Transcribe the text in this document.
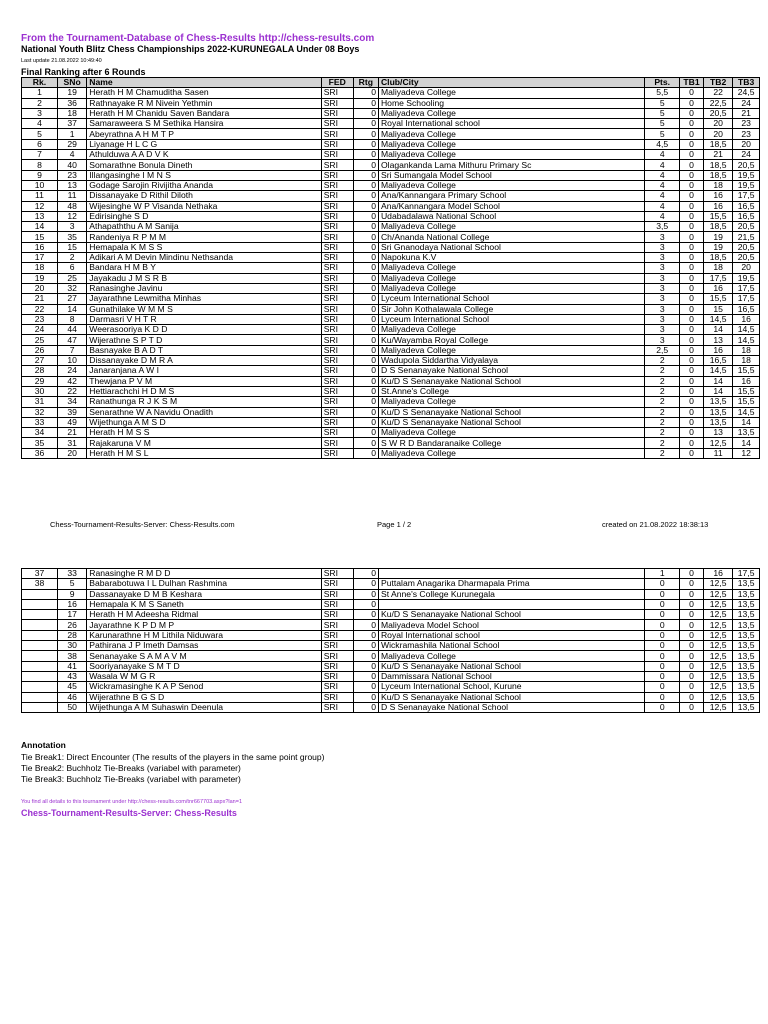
From the Tournament-Database of Chess-Results http://chess-results.com
National Youth Blitz Chess Championships 2022-KURUNEGALA Under 08 Boys
Last update 21.08.2022 10:49:40
Final Ranking after 6 Rounds
Rk.	SNo	Name	FED	Rtg	Club/City	Pts.	TB1	TB2	TB3
1	19	Herath H M Chamuditha Sasen	SRI	0	Maliyadeva College	5,5	0	22	24,5
2	36	Rathnayake R M Nivein Yethmin	SRI	0	Home Schooling	5	0	22,5	24
3	18	Herath H M Chanidu Saven Bandara	SRI	0	Maliyadeva College	5	0	20,5	21
4	37	Samaraweera S M Sethika Hansira	SRI	0	Royal International school	5	0	20	23
5	1	Abeyrathna A H M T P	SRI	0	Maliyadeva College	5	0	20	23
6	29	Liyanage H L C G	SRI	0	Maliyadeva College	4,5	0	18,5	20
7	4	Athulduwa A A D V K	SRI	0	Maliyadeva College	4	0	21	24
8	40	Somarathne Bonula Dineth	SRI	0	Olagankanda Lama Mithuru Primary Sc	4	0	18,5	20,5
9	23	Illangasinghe I M N S	SRI	0	Sri Sumangala Model School	4	0	18,5	19,5
10	13	Godage Sarojin Rivijitha Ananda	SRI	0	Maliyadeva College	4	0	18	19,5
11	11	Dissanayake D Rithil Diloth	SRI	0	Ana/Kannangara Primary School	4	0	16	17,5
12	48	Wijesinghe W P Visanda Nethaka	SRI	0	Ana/Kannangara Model School	4	0	16	16,5
13	12	Edirisinghe S D	SRI	0	Udabadalawa National School	4	0	15,5	16,5
14	3	Athapaththu A M Sanija	SRI	0	Maliyadeva College	3,5	0	18,5	20,5
15	35	Randeniya R P M M	SRI	0	Ch/Ananda National College	3	0	19	21,5
16	15	Hemapala K M S S	SRI	0	Sri Gnanodaya National School	3	0	19	20,5
17	2	Adikari A M Devin Mindinu Nethsanda	SRI	0	Napokuna K.V	3	0	18,5	20,5
18	6	Bandara H M B Y	SRI	0	Maliyadeva College	3	0	18	20
19	25	Jayakadu J M S R B	SRI	0	Maliyadeva College	3	0	17,5	19,5
20	32	Ranasinghe Javinu	SRI	0	Maliyadeva College	3	0	16	17,5
21	27	Jayarathne Lewmitha Minhas	SRI	0	Lyceum International School	3	0	15,5	17,5
22	14	Gunathilake W M M S	SRI	0	Sir John Kothalawala College	3	0	15	16,5
23	8	Darmasri V H T R	SRI	0	Lyceum International School	3	0	14,5	16
24	44	Weerasooriya K D D	SRI	0	Maliyadeva College	3	0	14	14,5
25	47	Wijerathne S P T D	SRI	0	Ku/Wayamba Royal College	3	0	13	14,5
26	7	Basnayake B A D T	SRI	0	Maliyadeva College	2,5	0	16	18
27	10	Dissanayake D M R A	SRI	0	Wadupola Siddartha Vidyalaya	2	0	16,5	18
28	24	Janaranjana A W I	SRI	0	D S Senanayake National School	2	0	14,5	15,5
29	42	Thewjana P V M	SRI	0	Ku/D S Senanayake National School	2	0	14	16
30	22	Hettiarachchi H D M S	SRI	0	St.Anne's College	2	0	14	15,5
31	34	Ranathunga R J K S M	SRI	0	Maliyadeva College	2	0	13,5	15,5
32	39	Senarathne W A Navidu Onadith	SRI	0	Ku/D S Senanayake National School	2	0	13,5	14,5
33	49	Wijethunga A M S D	SRI	0	Ku/D S Senanayake National School	2	0	13,5	14
34	21	Herath H M S S	SRI	0	Maliyadeva College	2	0	13	13,5
35	31	Rajakaruna V M	SRI	0	S W R D Bandaranaike College	2	0	12,5	14
36	20	Herath H M S L	SRI	0	Maliyadeva College	2	0	11	12
Chess-Tournament-Results-Server: Chess-Results.com	Page 1 / 2	created on 21.08.2022 18:38:13
37	33	Ranasinghe R M D D	SRI	0		1	0	16	17,5
38	5	Babarabotuwa I L Dulhan Rashmina	SRI	0	Puttalam Anagarika Dharmapala Prima	0	0	12,5	13,5
	9	Dassanayake D M B Keshara	SRI	0	St Anne's College Kurunegala	0	0	12,5	13,5
	16	Hemapala K M S Saneth	SRI	0		0	0	12,5	13,5
	17	Herath H M Adeesha Ridmal	SRI	0	Ku/D S Senanayake National School	0	0	12,5	13,5
	26	Jayarathne K P D M P	SRI	0	Maliyadeva Model School	0	0	12,5	13,5
	28	Karunarathne H M Lithila Niduwara	SRI	0	Royal International school	0	0	12,5	13,5
	30	Pathirana J P Imeth Damsas	SRI	0	Wickramashila National School	0	0	12,5	13,5
	38	Senanayake S A M A V M	SRI	0	Maliyadeva College	0	0	12,5	13,5
	41	Sooriyanayake S M T D	SRI	0	Ku/D S Senanayake National School	0	0	12,5	13,5
	43	Wasala W M G R	SRI	0	Dammissara National School	0	0	12,5	13,5
	45	Wickramasinghe K A P Senod	SRI	0	Lyceum International School, Kurune	0	0	12,5	13,5
	46	Wijerathne B G S D	SRI	0	Ku/D S Senanayake National School	0	0	12,5	13,5
	50	Wijethunga A M Suhaswin Deenula	SRI	0	D S Senanayake National School	0	0	12,5	13,5
Annotation
Tie Break1: Direct Encounter (The results of the players in the same point group)
Tie Break2: Buchholz Tie-Breaks (variabel with parameter)
Tie Break3: Buchholz Tie-Breaks (variabel with parameter)
You find all details to this tournament under http://chess-results.com/tnr667703.aspx?lan=1
Chess-Tournament-Results-Server: Chess-Results
